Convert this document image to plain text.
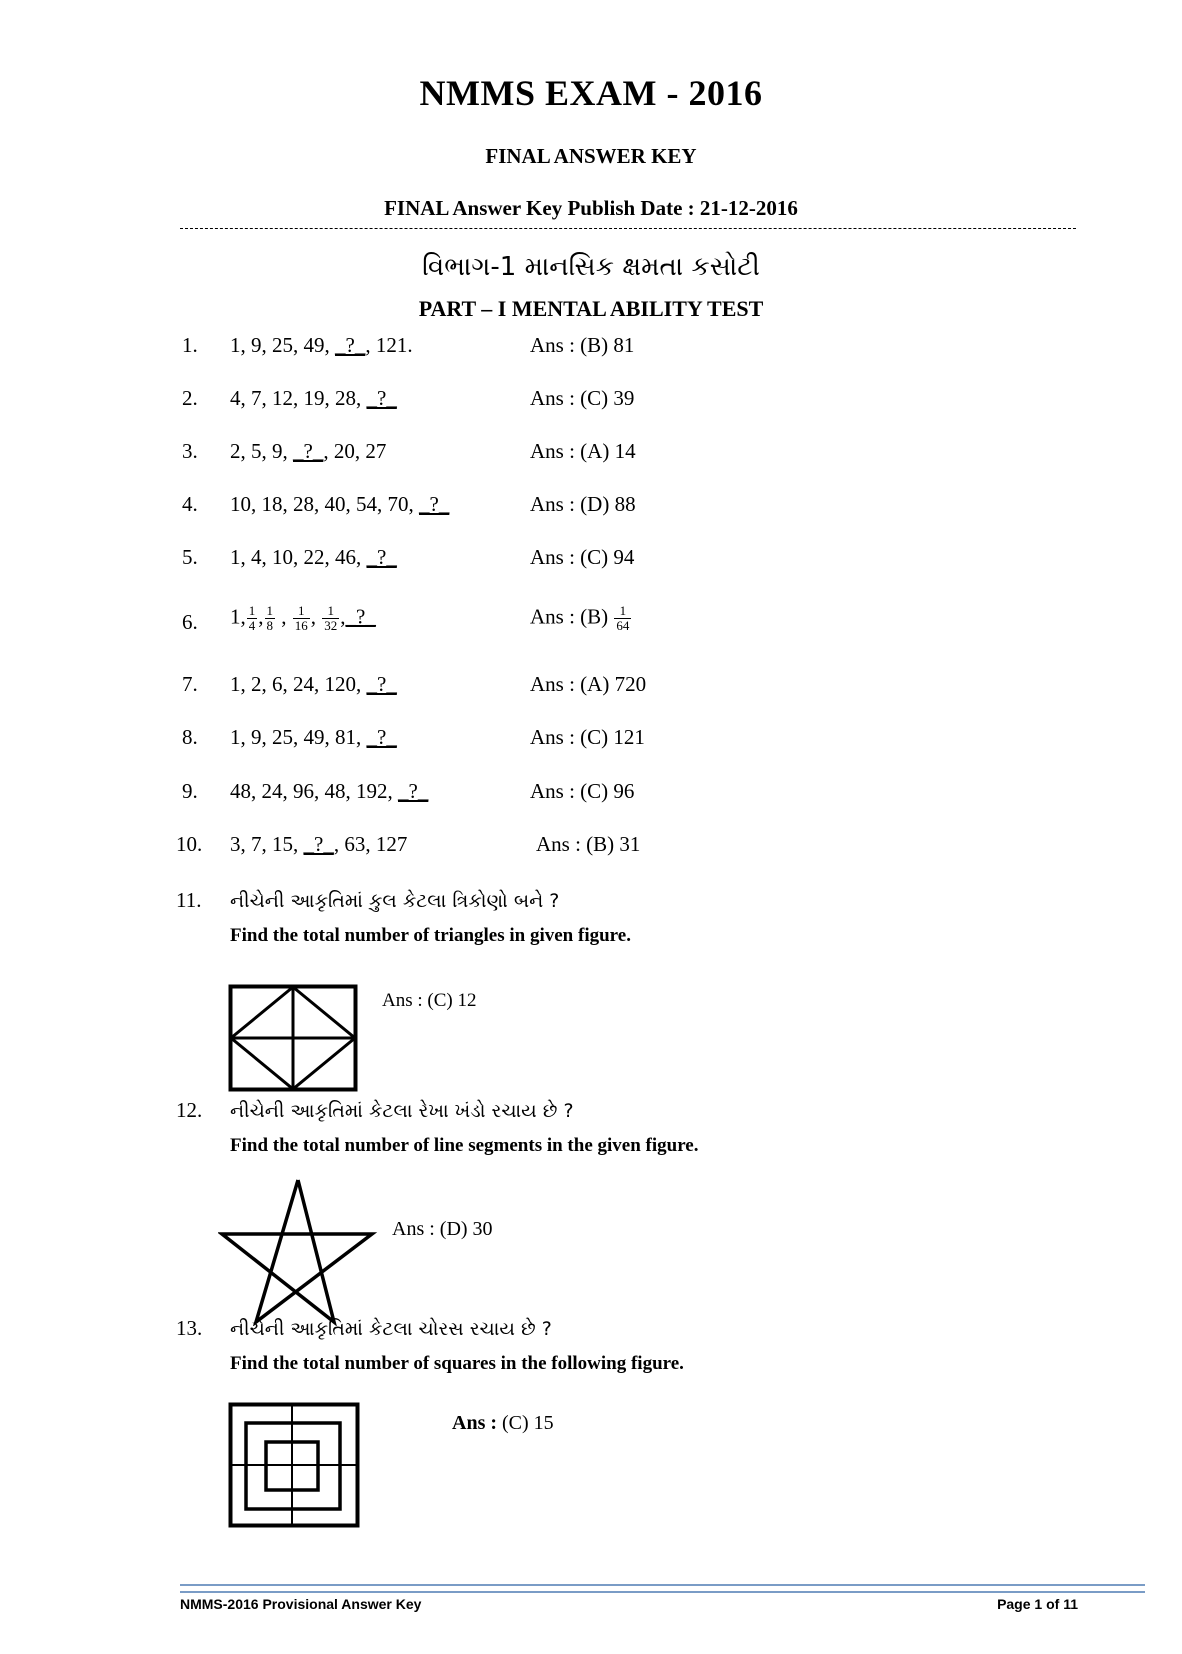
NMMS EXAM - 2016
FINAL ANSWER KEY
FINAL Answer Key Publish Date : 21-12-2016
વિભાગ-1 માનસિક ક્ષમતા કસોટી
PART – I MENTAL ABILITY TEST
1. 1, 9, 25, 49, _?_, 121.	Ans : (B) 81
2. 4, 7, 12, 19, 28, _?_	Ans : (C) 39
3. 2, 5, 9, _?_, 20, 27	Ans : (A) 14
4. 10, 18, 28, 40, 54, 70, _?_	Ans : (D) 88
5. 1, 4, 10, 22, 46, _?_	Ans : (C) 94
6. 1, $\frac{1}{4}$ , $\frac{1}{8}$ , $\frac{1}{16}$ , $\frac{1}{32}$ ,_?_	Ans : $(B) \frac{1}{64}$
7. 1, 2, 6, 24, 120, _?_	Ans : (A) 720
8. 1, 9, 25, 49, 81, _?_	Ans : (C) 121
9. 48, 24, 96, 48, 192, _?_	Ans : (C) 96
10. 3, 7, 15, _?_, 63, 127	Ans : (B) 31
11. નીચેની આકૃતિમાં કુલ કેટલા ત્રિકોણો બને ?
Find the total number of triangles in given figure.
Ans : (C) 12
12. નીચેની આકૃતિમાં કેટલા રેખા ખંડો રચાય છે ?
Find the total number of line segments in the given figure.
Ans : (D) 30
13. નીચેની આકૃતિમાં કેટલા ચોરસ રચાય છે ?
Find the total number of squares in the following figure.
Ans : (C) 15
NMMS-2016 Provisional Answer Key	Page 1 of 11
